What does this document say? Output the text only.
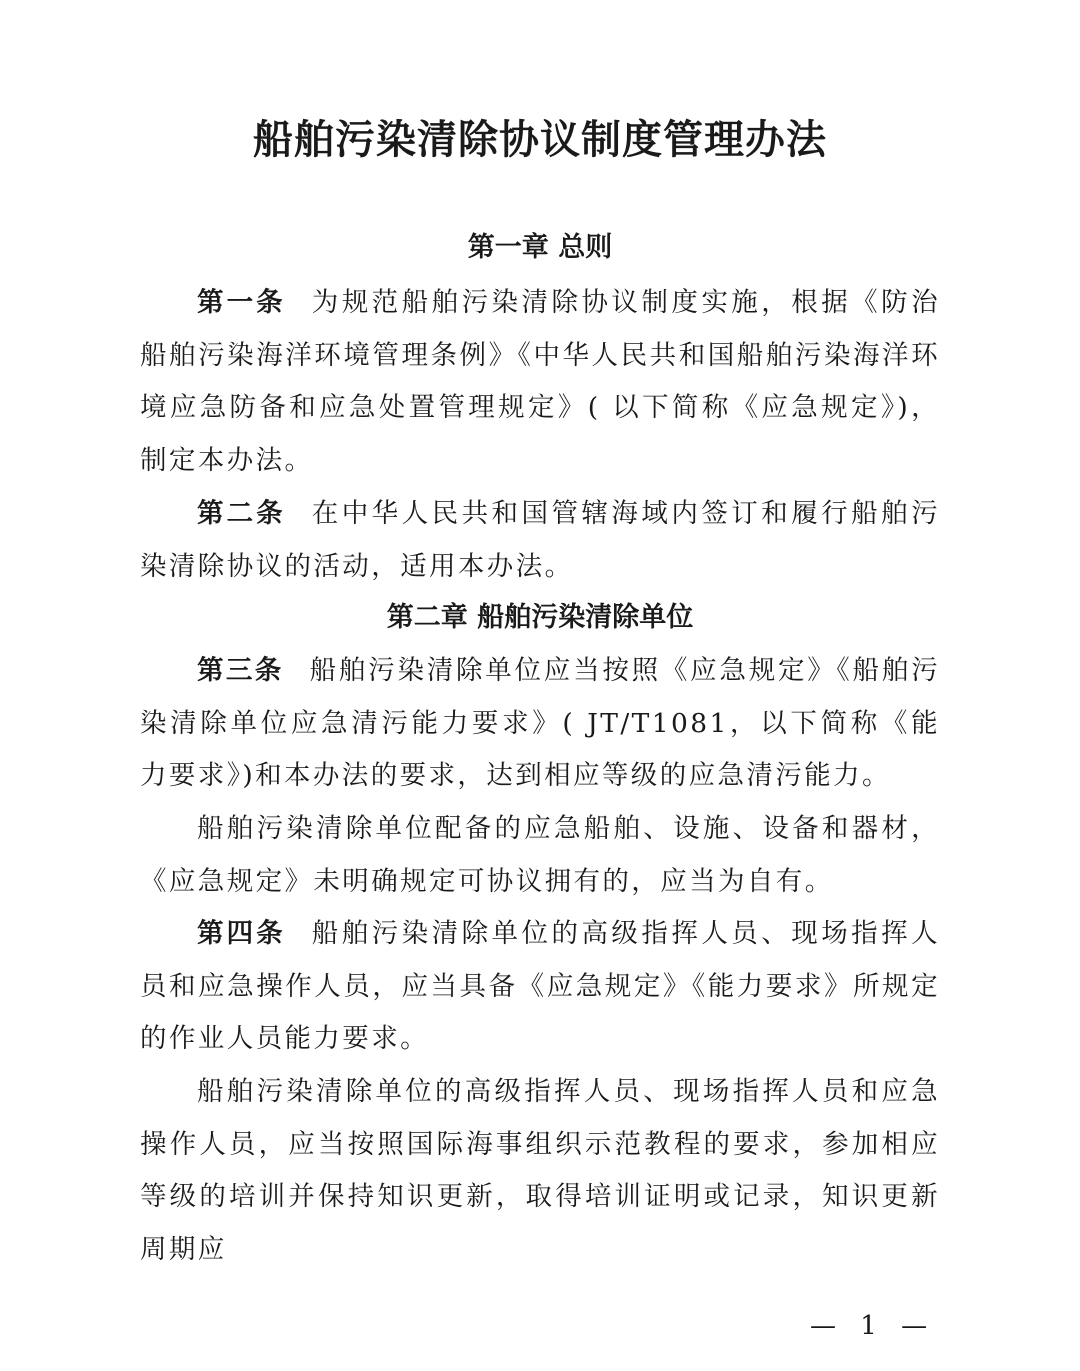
船舶污染清除协议制度管理办法
第一章 总则

第一条 为规范船舶污染清除协议制度实施，根据《防治船舶污染海洋环境管理条例》《中华人民共和国船舶污染海洋环境应急防备和应急处置管理规定》( 以下简称《应急规定》)，制定本办法。

第二条 在中华人民共和国管辖海域内签订和履行船舶污染清除协议的活动，适用本办法。

第二章 船舶污染清除单位

第三条 船舶污染清除单位应当按照《应急规定》《船舶污染清除单位应急清污能力要求》( JT/T1081，以下简称《能力要求》)和本办法的要求，达到相应等级的应急清污能力。

船舶污染清除单位配备的应急船舶、设施、设备和器材，《应急规定》未明确规定可协议拥有的，应当为自有。

第四条 船舶污染清除单位的高级指挥人员、现场指挥人员和应急操作人员，应当具备《应急规定》《能力要求》所规定的作业人员能力要求。

船舶污染清除单位的高级指挥人员、现场指挥人员和应急操作人员，应当按照国际海事组织示范教程的要求，参加相应等级的培训并保持知识更新，取得培训证明或记录，知识更新周期应

— 1 —
